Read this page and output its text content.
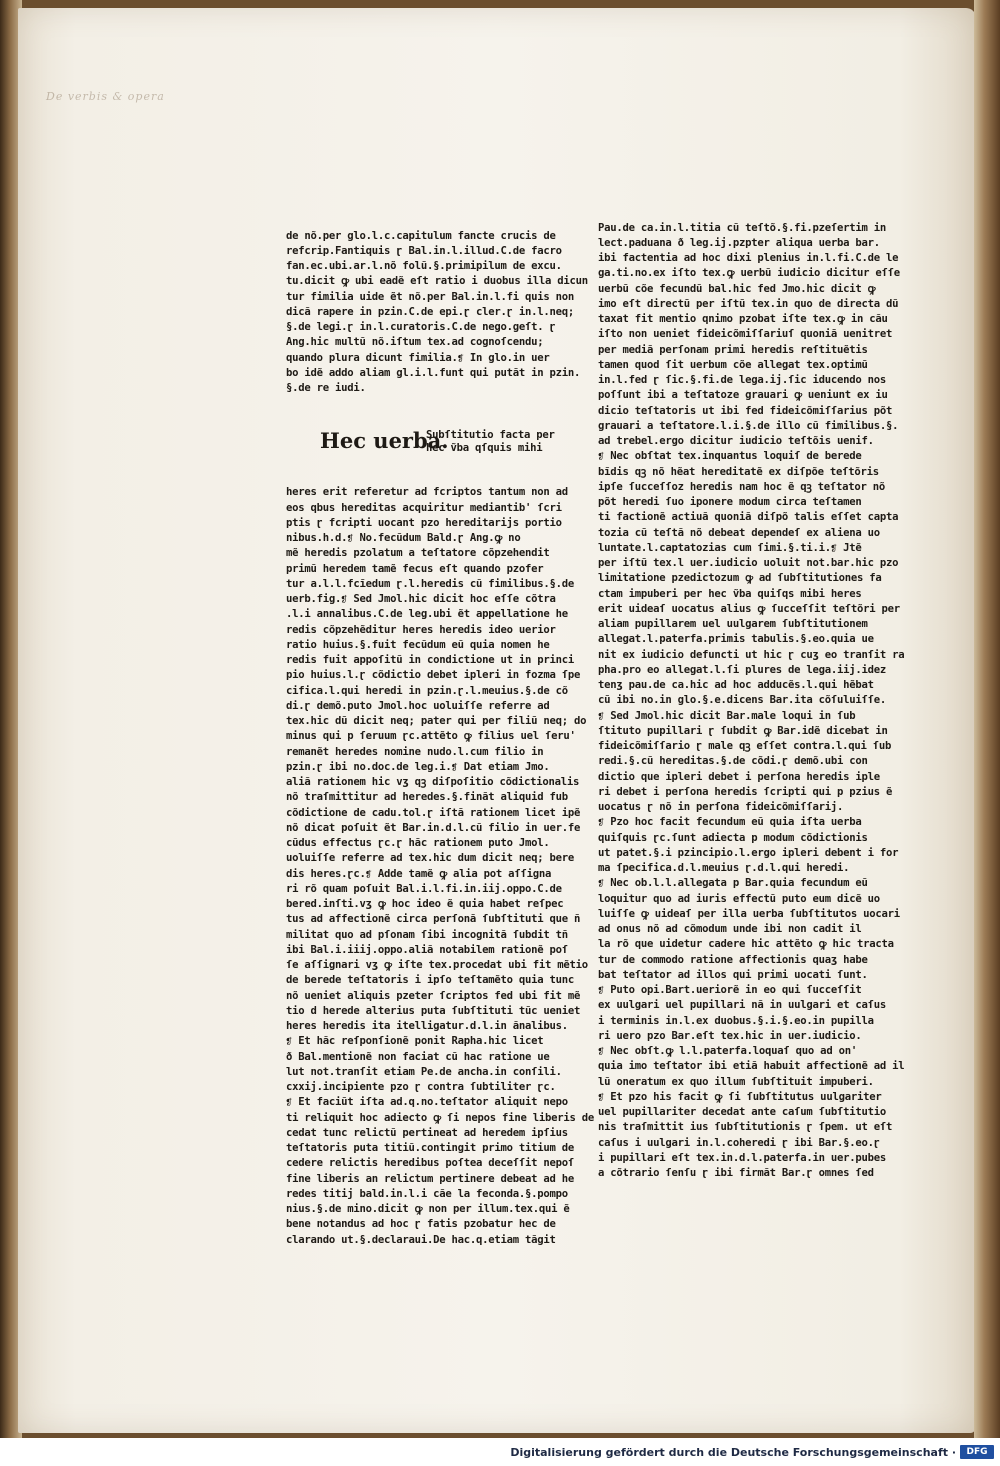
De verbis & opera

de nõ.per glo.l.c.capitulum fancte crucis de
refcrip.Fantiquis ɽ Bal.in.l.illud.C.de facro
fan.ec.ubi.ar.l.nõ folũ.§.primipilum de excu.
tu.dicit ꝙ ubi eadẽ eſt ratio i duobus illa dicun
tur fimilia uide ẽt nõ.per Bal.in.l.fi quis non
dicã rapere in pzin.C.de epi.ɽ cler.ɽ in.l.neq;
§.de legi.ɽ in.l.curatoris.C.de nego.geſt. ɽ
Ang.hic multũ nõ.iſtum tex.ad cognoſcendu;
quando plura dicunt fimilia.❡ In glo.in uer
bo idẽ addo aliam gl.i.l.funt qui putãt in pzin.
§.de re iudi.

Hec uerba.

Subſtitutio facta per

hec ṽba qſquis mihi

heres erit referetur ad fcriptos tantum non ad
eos qbus hereditas acquiritur mediantib' ſcri
ptis ɽ fcripti uocant pzo hereditarijs portio
nibus.h.d.❡ No.fecũdum Bald.ɽ Ang.ꝙ no
mẽ heredis pzolatum a teſtatore cõpzehendit
primũ heredem tamẽ fecus eſt quando pzofer
tur a.l.l.fcĩedum ɽ.l.heredis cũ fimilibus.§.de
uerb.fig.❡ Sed Jmol.hic dicit hoc eſſe cõtra
.l.i annalibus.C.de leg.ubi ẽt appellatione he
redis cõpzehẽditur heres heredis ideo uerior
ratio huius.§.fuit fecũdum eũ quia nomen he
redis fuit appoſitũ in condictione ut in princi
pio huius.l.ɽ cõdictio debet ipleri in fozma ſpe
cifica.l.qui heredi in pzin.ɽ.l.meuius.§.de cõ
di.ɽ demõ.puto Jmol.hoc uoluiſſe referre ad
tex.hic dũ dicit neq; pater qui per filiũ neq; do
minus qui p ſeruum ɽc.attẽto ꝙ filius uel ſeru'
remanẽt heredes nomine nudo.l.cum filio in
pzin.ɽ ibi no.doc.de leg.i.❡ Dat etiam Jmo.
aliã rationem hic vʒ qꝫ diſpoſitio cõdictionalis
nõ traſmittitur ad heredes.§.finãt aliquid fub
cõdictione de cadu.tol.ɽ iſtã rationem licet ipẽ
nõ dicat poſuit ẽt Bar.in.d.l.cũ filio in uer.fe
cũdus effectus ɽc.ɽ hãc rationem puto Jmol.
uoluiſſe referre ad tex.hic dum dicit neq; bere
dis heres.ɽc.❡ Adde tamẽ ꝙ alia pot aſſigna
ri rõ quam poſuit Bal.i.l.fi.in.iij.oppo.C.de
bered.inſti.vʒ ꝙ hoc ideo ẽ quia habet reſpec
tus ad affectionẽ circa perſonã ſubſtituti que ñ
militat quo ad pſonam ſibi incognitã ſubdit tñ
ibi Bal.i.iiij.oppo.aliã notabilem rationẽ poſ
ſe aſſignari vʒ ꝙ iſte tex.procedat ubi fit mẽtio
de berede teſtatoris i ipſo teſtamẽto quia tunc
nõ ueniet aliquis pzeter ſcriptos fed ubi fit mẽ
tio d herede alterius puta ſubſtituti tũc ueniet
heres heredis ita itelligatur.d.l.in ãnalibus.
❡ Et hãc reſponſionẽ ponit Rapha.hic licet
ð Bal.mentionẽ non faciat cũ hac ratione ue
lut not.tranſit etiam Pe.de ancha.in conſili.
cxxij.incipiente pzo ɽ contra ſubtiliter ɽc.
❡ Et faciũt iſta ad.q.no.teſtator aliquit nepo
ti reliquit hoc adiecto ꝙ ſi nepos fine liberis de
cedat tunc relictũ pertineat ad heredem ipſius
teſtatoris puta titiũ.contingit primo titium de
cedere relictis heredibus poſtea deceſſit nepoſ
fine liberis an relictum pertinere debeat ad he
redes titij bald.in.l.i cãe la feconda.§.pompo
nius.§.de mino.dicit ꝙ non per illum.tex.qui ẽ
bene notandus ad hoc ɽ fatis pzobatur hec de
clarando ut.§.declaraui.De hac.q.etiam tãgit

Pau.de ca.in.l.titia cũ teſtõ.§.fi.pzeſertim in
lect.paduana ð leg.ij.pzpter aliqua uerba bar.
ibi factentia ad hoc dixi plenius in.l.fi.C.de le
ga.ti.no.ex iſto tex.ꝙ uerbũ iudicio dicitur eſſe
uerbũ cõe fecundũ bal.hic fed Jmo.hic dicit ꝙ
imo eſt directũ per iſtũ tex.in quo de directa dũ
taxat fit mentio qnimo pzobat iſte tex.ꝙ in cãu
iſto non ueniet fideicõmiſſariuſ quoniã uenitret
per mediã perſonam primi heredis reſtituẽtis
tamen quod ſit uerbum cõe allegat tex.optimũ
in.l.fed ɽ ſic.§.fi.de lega.ij.ſic iducendo nos
poſſunt ibi a teſtatoze grauari ꝙ ueniunt ex iu
dicio teſtatoris ut ibi fed fideicõmiſſarius põt
grauari a teſtatore.l.i.§.de illo cũ fimilibus.§.
ad trebel.ergo dicitur iudicio teſtõis uenif.
❡ Nec obſtat tex.inquantus loquiſ de berede
bĩdis qꝫ nõ hẽat hereditatẽ ex diſpõe teſtõris
ipſe ſucceſſoz heredis nam hoc ẽ qꝫ teſtator nõ
põt heredi ſuo iponere modum circa teſtamen
ti factionẽ actiuã quoniã diſpõ talis eſſet capta
tozia cũ teſtã nõ debeat dependeſ ex aliena uo
luntate.l.captatozias cum ſimi.§.ti.i.❡ Jtẽ
per iſtũ tex.l uer.iudicio uoluit not.bar.hic pzo
limitatione pzedictozum ꝙ ad ſubſtitutiones fa
ctam impuberi per hec ṽba quiſqs mibi heres
erit uideaſ uocatus alius ꝙ ſucceſſit teſtõri per
aliam pupillarem uel uulgarem ſubſtitutionem
allegat.l.paterfa.primis tabulis.§.eo.quia ue
nit ex iudicio defuncti ut hic ɽ cuʒ eo tranſit ra
pha.pro eo allegat.l.ſi plures de lega.iij.idez
tenʒ pau.de ca.hic ad hoc adducẽs.l.qui hẽbat
cũ ibi no.in glo.§.e.dicens Bar.ita cõſuluiſſe.
❡ Sed Jmol.hic dicit Bar.male loqui in ſub
ſtituto pupillari ɽ ſubdit ꝙ Bar.idẽ dicebat in
fideicõmiſſario ɽ male qꝫ eſſet contra.l.qui ſub
redi.§.cũ hereditas.§.de cõdi.ɽ demõ.ubi con
dictio que ipleri debet i perſona heredis iple
ri debet i perſona heredis ſcripti qui p pzius ẽ
uocatus ɽ nõ in perſona fideicõmiſſarij.
❡ Pzo hoc facit fecundum eũ quia iſta uerba
quiſquis ɽc.ſunt adiecta p modum cõdictionis
ut patet.§.i pzincipio.l.ergo ipleri debent i for
ma ſpecifica.d.l.meuius ɽ.d.l.qui heredi.
❡ Nec ob.l.l.allegata p Bar.quia fecundum eũ
loquitur quo ad iuris effectũ puto eum dicẽ uo
luiſſe ꝙ uideaſ per illa uerba ſubſtitutos uocari
ad onus nõ ad cõmodum unde ibi non cadit il
la rõ que uidetur cadere hic attẽto ꝙ hic tracta
tur de commodo ratione affectionis quaʒ habe
bat teſtator ad illos qui primi uocati ſunt.
❡ Puto opi.Bart.ueriorẽ in eo qui ſucceſſit
ex uulgari uel pupillari nã in uulgari et caſus
i terminis in.l.ex duobus.§.i.§.eo.in pupilla
ri uero pzo Bar.eſt tex.hic in uer.iudicio.
❡ Nec obſt.ꝙ l.l.paterfa.loquaſ quo ad on'
quia imo teſtator ibi etiã habuit affectionẽ ad il
lũ oneratum ex quo illum ſubſtituit impuberi.
❡ Et pzo his facit ꝙ ſi ſubſtitutus uulgariter
uel pupillariter decedat ante caſum ſubſtitutio
nis traſmittit ius ſubſtitutionis ɽ ſpem. ut eſt
caſus i uulgari in.l.coheredi ɽ ibi Bar.§.eo.ɽ
i pupillari eſt tex.in.d.l.paterfa.in uer.pubes
a cõtrario ſenſu ɽ ibi firmãt Bar.ɽ omnes ſed

Digitalisierung gefördert durch die Deutsche Forschungsgemeinschaft ·	DFG
